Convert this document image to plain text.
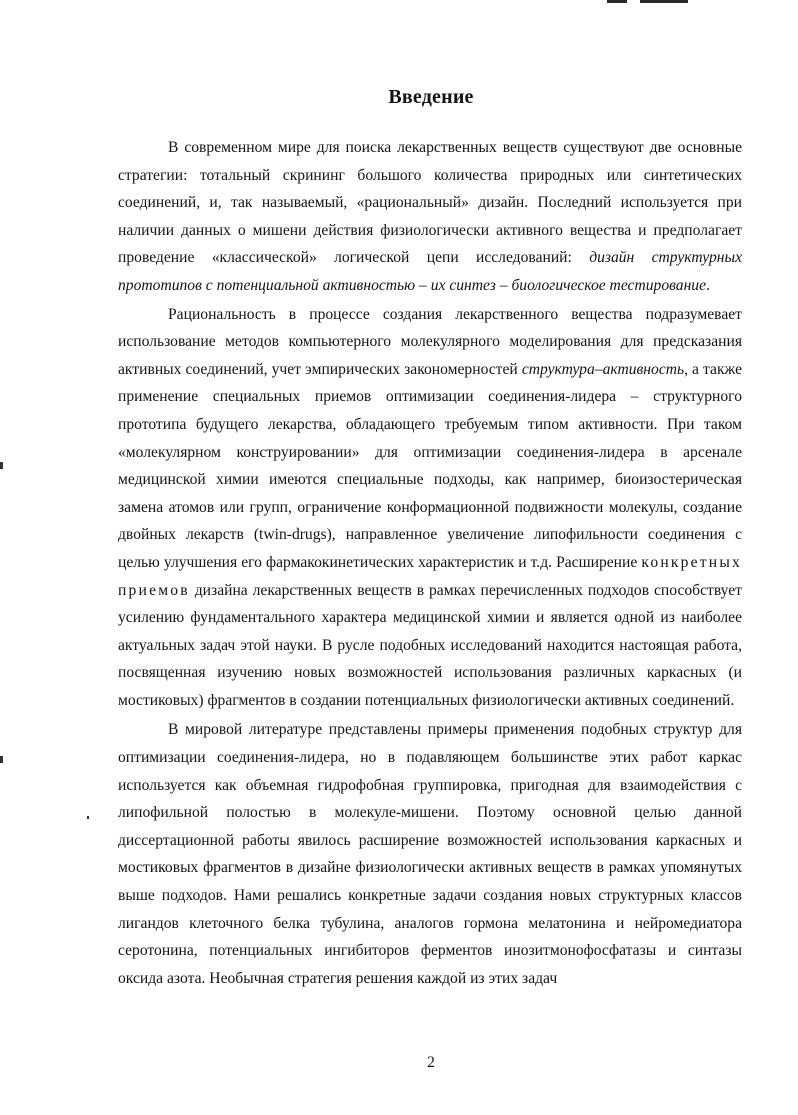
Введение

В современном мире для поиска лекарственных веществ существуют две основные стратегии: тотальный скрининг большого количества природных или синтетических соединений, и, так называемый, «рациональный» дизайн. Последний используется при наличии данных о мишени действия физиологически активного вещества и предполагает проведение «классической» логической цепи исследований: дизайн структурных прототипов с потенциальной активностью – их синтез – биологическое тестирование.

Рациональность в процессе создания лекарственного вещества подразумевает использование методов компьютерного молекулярного моделирования для предсказания активных соединений, учет эмпирических закономерностей структура–активность, а также применение специальных приемов оптимизации соединения-лидера – структурного прототипа будущего лекарства, обладающего требуемым типом активности. При таком «молекулярном конструировании» для оптимизации соединения-лидера в арсенале медицинской химии имеются специальные подходы, как например, биоизостерическая замена атомов или групп, ограничение конформационной подвижности молекулы, создание двойных лекарств (twin-drugs), направленное увеличение липофильности соединения с целью улучшения его фармакокинетических характеристик и т.д. Расширение конкретных приемов дизайна лекарственных веществ в рамках перечисленных подходов способствует усилению фундаментального характера медицинской химии и является одной из наиболее актуальных задач этой науки. В русле подобных исследований находится настоящая работа, посвященная изучению новых возможностей использования различных каркасных (и мостиковых) фрагментов в создании потенциальных физиологически активных соединений.

В мировой литературе представлены примеры применения подобных структур для оптимизации соединения-лидера, но в подавляющем большинстве этих работ каркас используется как объемная гидрофобная группировка, пригодная для взаимодействия с липофильной полостью в молекуле-мишени. Поэтому основной целью данной диссертационной работы явилось расширение возможностей использования каркасных и мостиковых фрагментов в дизайне физиологически активных веществ в рамках упомянутых выше подходов. Нами решались конкретные задачи создания новых структурных классов лигандов клеточного белка тубулина, аналогов гормона мелатонина и нейромедиатора серотонина, потенциальных ингибиторов ферментов инозитмонофосфатазы и синтазы оксида азота. Необычная стратегия решения каждой из этих задач

2
